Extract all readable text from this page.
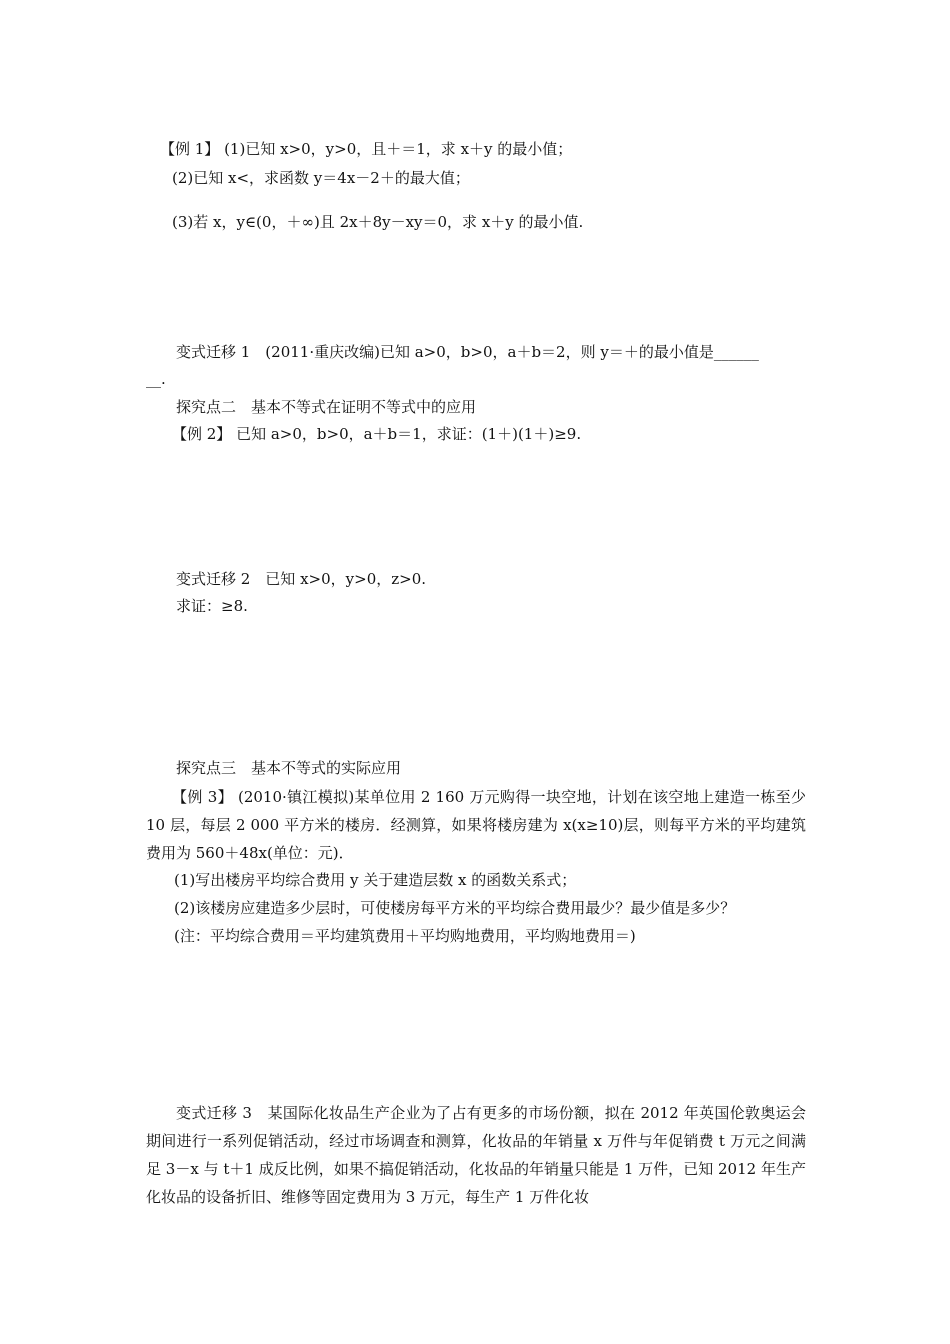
【例 1】 (1)已知 x>0，y>0，且＋＝1，求 x＋y 的最小值；
(2)已知 x<，求函数 y＝4x－2＋的最大值；
(3)若 x，y∈(0，＋∞)且 2x＋8y－xy＝0，求 x＋y 的最小值.
变式迁移 1　(2011·重庆改编)已知 a>0，b>0，a＋b＝2，则 y＝＋的最小值是______
__.
探究点二　基本不等式在证明不等式中的应用
【例 2】 已知 a>0，b>0，a＋b＝1，求证：(1＋)(1＋)≥9.
变式迁移 2　已知 x>0，y>0，z>0.
求证：≥8.
探究点三　基本不等式的实际应用
【例 3】 (2010·镇江模拟)某单位用 2 160 万元购得一块空地，计划在该空地上建造一栋至少 10 层，每层 2 000 平方米的楼房．经测算，如果将楼房建为 x(x≥10)层，则每平方米的平均建筑费用为 560＋48x(单位：元)．
(1)写出楼房平均综合费用 y 关于建造层数 x 的函数关系式；
(2)该楼房应建造多少层时，可使楼房每平方米的平均综合费用最少？最少值是多少？
(注：平均综合费用＝平均建筑费用＋平均购地费用，平均购地费用＝)
变式迁移 3　某国际化妆品生产企业为了占有更多的市场份额，拟在 2012 年英国伦敦奥运会期间进行一系列促销活动，经过市场调查和测算，化妆品的年销量 x 万件与年促销费 t 万元之间满足 3－x 与 t＋1 成反比例，如果不搞促销活动，化妆品的年销量只能是 1 万件，已知 2012 年生产化妆品的设备折旧、维修等固定费用为 3 万元，每生产 1 万件化妆
